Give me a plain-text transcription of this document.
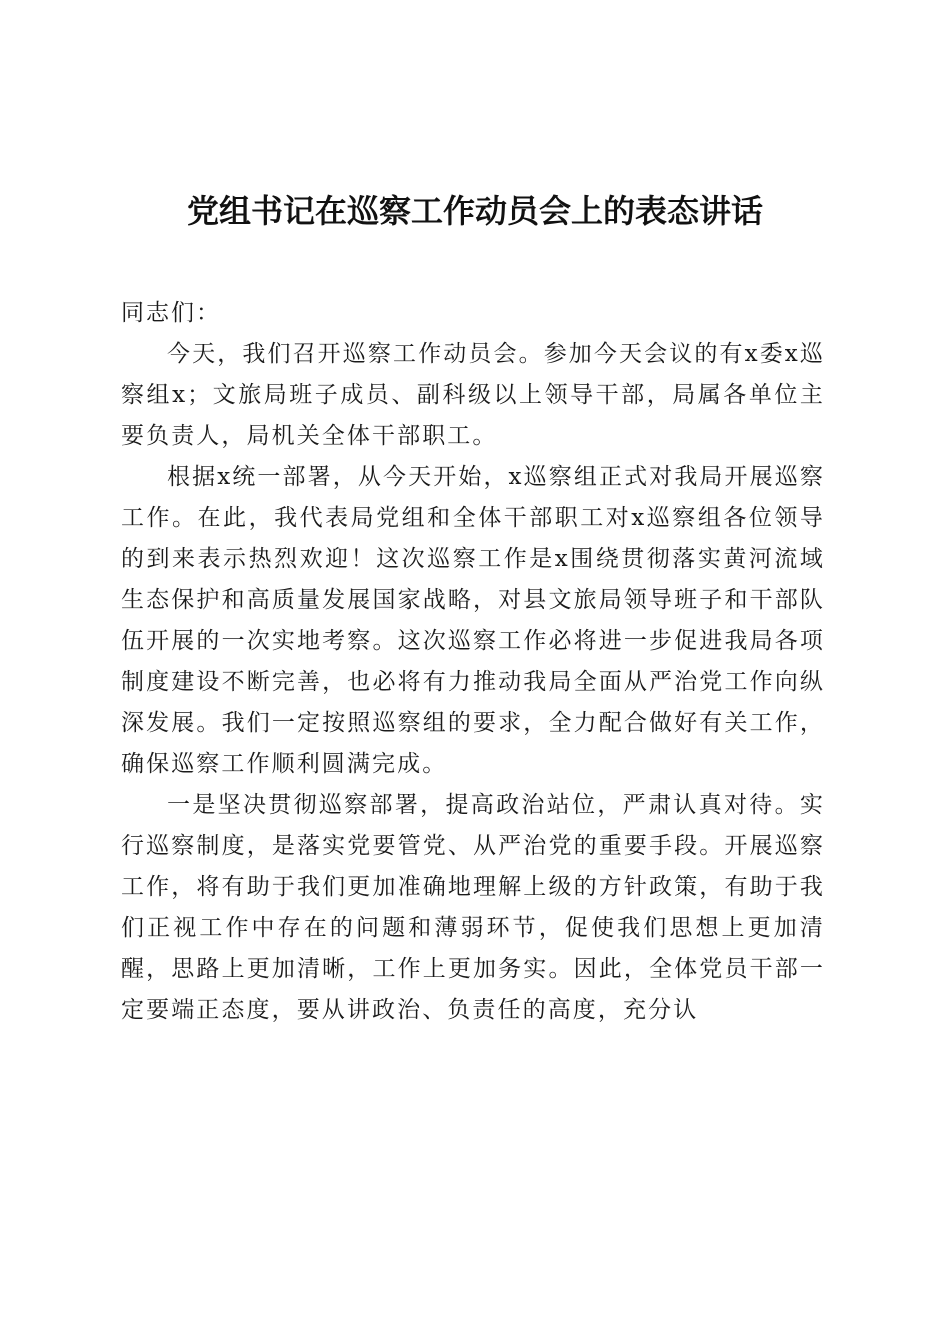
党组书记在巡察工作动员会上的表态讲话

同志们：

今天，我们召开巡察工作动员会。参加今天会议的有x委x巡察组x；文旅局班子成员、副科级以上领导干部，局属各单位主要负责人，局机关全体干部职工。

根据x统一部署，从今天开始，x巡察组正式对我局开展巡察工作。在此，我代表局党组和全体干部职工对x巡察组各位领导的到来表示热烈欢迎！这次巡察工作是x围绕贯彻落实黄河流域生态保护和高质量发展国家战略，对县文旅局领导班子和干部队伍开展的一次实地考察。这次巡察工作必将进一步促进我局各项制度建设不断完善，也必将有力推动我局全面从严治党工作向纵深发展。我们一定按照巡察组的要求，全力配合做好有关工作，确保巡察工作顺利圆满完成。

一是坚决贯彻巡察部署，提高政治站位，严肃认真对待。实行巡察制度，是落实党要管党、从严治党的重要手段。开展巡察工作，将有助于我们更加准确地理解上级的方针政策，有助于我们正视工作中存在的问题和薄弱环节，促使我们思想上更加清醒，思路上更加清晰，工作上更加务实。因此，全体党员干部一定要端正态度，要从讲政治、负责任的高度，充分认
